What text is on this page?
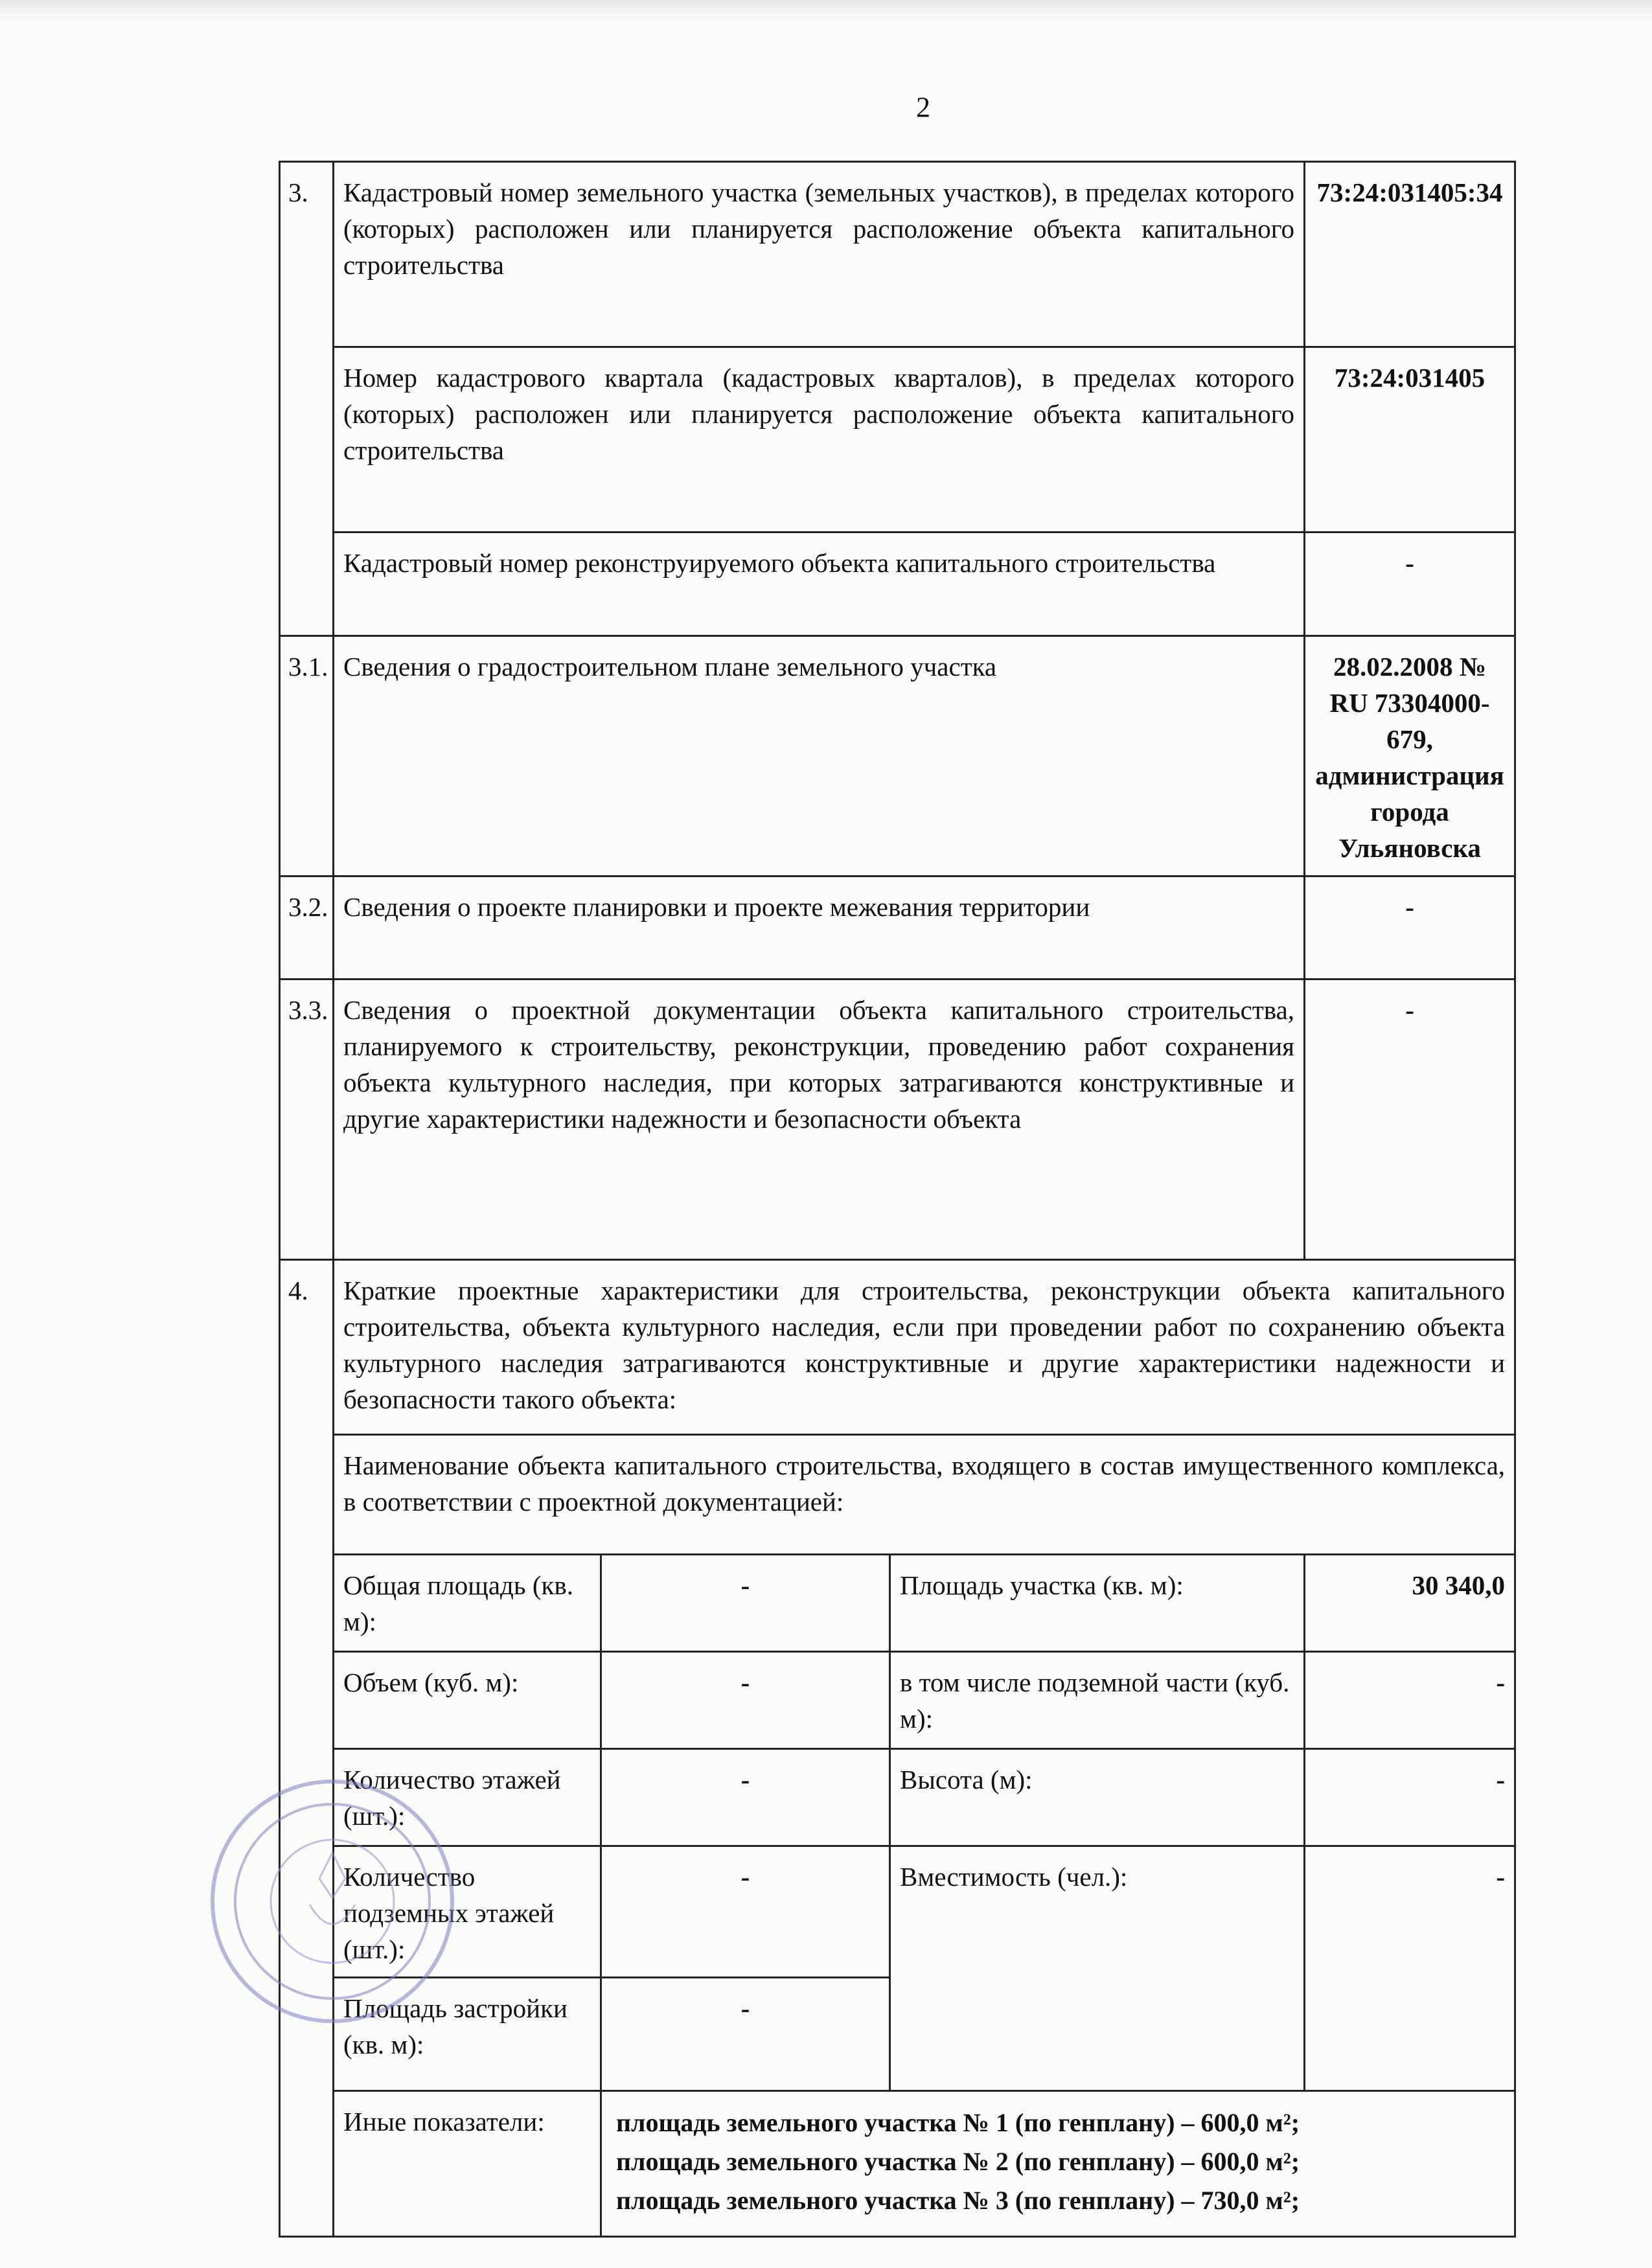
2
3.	Кадастровый номер земельного участка (земельных участков), в пределах которого (которых) расположен или планируется расположение объекта капитального строительства			73:24:031405:34
	Номер кадастрового квартала (кадастровых кварталов), в пределах которого (которых) расположен или планируется расположение объекта капитального строительства			73:24:031405
	Кадастровый номер реконструируемого объекта капитального строительства			-
3.1.	Сведения о градостроительном плане земельного участка			28.02.2008 № RU 73304000-679, администрация города Ульяновска
3.2.	Сведения о проекте планировки и проекте межевания территории			-
3.3.	Сведения о проектной документации объекта капитального строительства, планируемого к строительству, реконструкции, проведению работ сохранения объекта культурного наследия, при которых затрагиваются конструктивные и другие характеристики надежности и безопасности объекта			-
4.	Краткие проектные характеристики для строительства, реконструкции объекта капитального строительства, объекта культурного наследия, если при проведении работ по сохранению объекта культурного наследия затрагиваются конструктивные и другие характеристики надежности и безопасности такого объекта:			
	Наименование объекта капитального строительства, входящего в состав имущественного комплекса, в соответствии с проектной документацией:			
	Общая площадь (кв. м):	-	Площадь участка (кв. м):	30 340,0
	Объем (куб. м):	-	в том числе подземной части (куб. м):	-
	Количество этажей (шт.):	-	Высота (м):	-
	Количество подземных этажей (шт.):	-	Вместимость (чел.):	-
	Площадь застройки (кв. м):	-		
	Иные показатели:	площадь земельного участка № 1 (по генплану) – 600,0 м²;
площадь земельного участка № 2 (по генплану) – 600,0 м²;
площадь земельного участка № 3 (по генплану) – 730,0 м²;		
